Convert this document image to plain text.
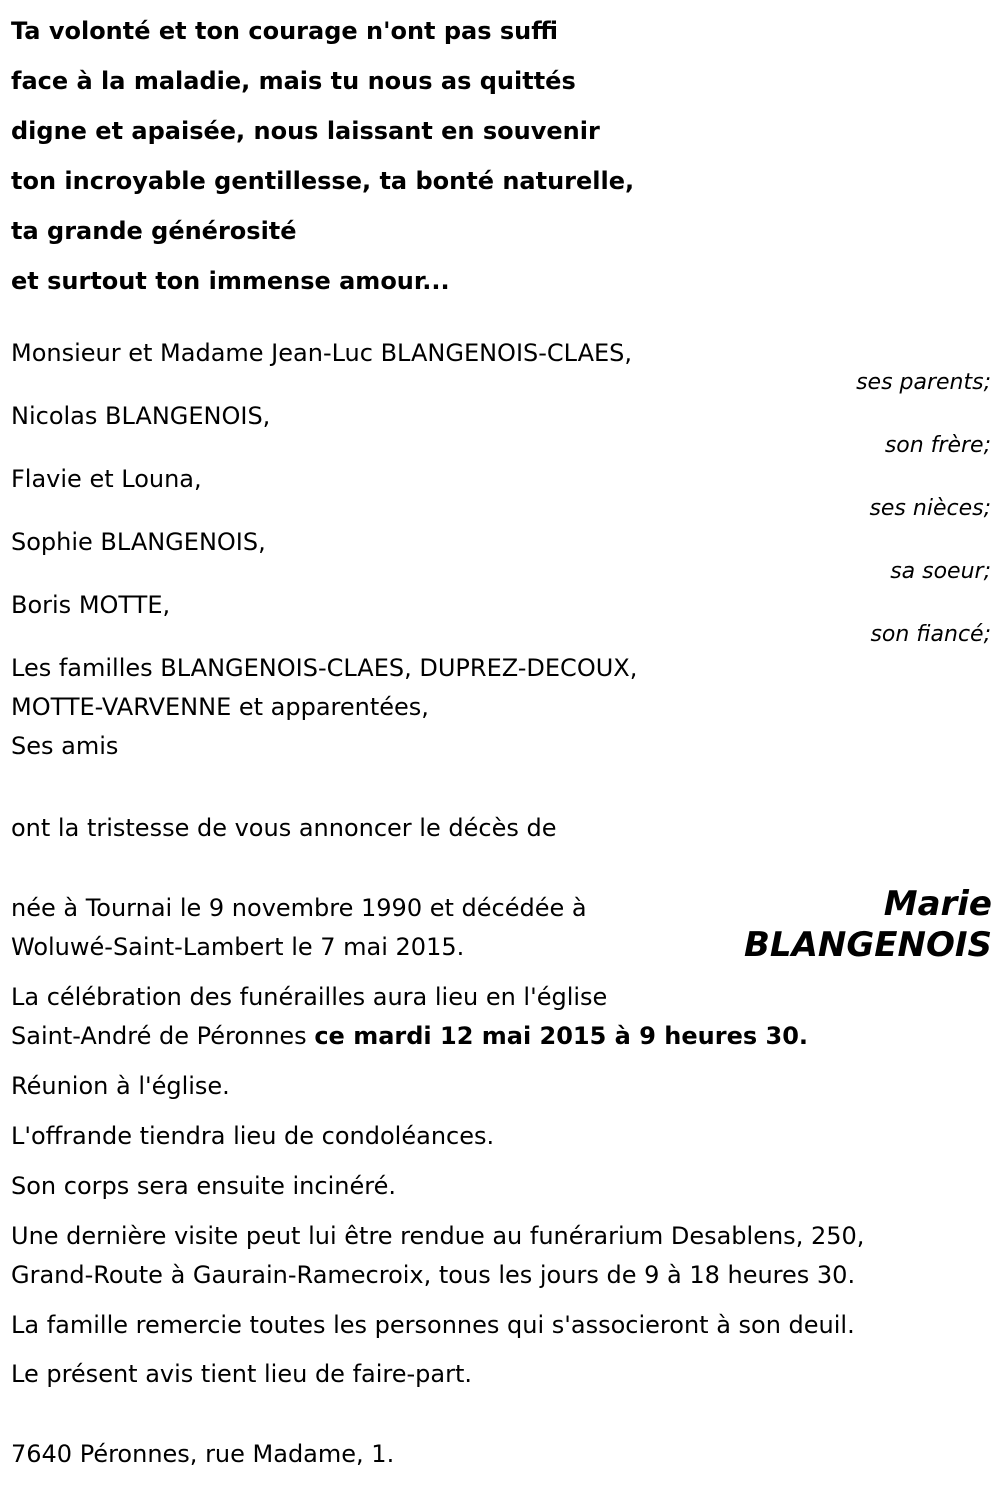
Ta volonté et ton courage n'ont pas suffi
face à la maladie, mais tu nous as quittés
digne et apaisée, nous laissant en souvenir
ton incroyable gentillesse, ta bonté naturelle,
ta grande générosité
et surtout ton immense amour...
Monsieur et Madame Jean-Luc BLANGENOIS-CLAES,
ses parents;
Nicolas BLANGENOIS,
son frère;
Flavie et Louna,
ses nièces;
Sophie BLANGENOIS,
sa soeur;
Boris MOTTE,
son fiancé;
Les familles BLANGENOIS-CLAES, DUPREZ-DECOUX,
MOTTE-VARVENNE et apparentées,
Ses amis
ont la tristesse de vous annoncer le décès de
Marie
BLANGENOIS
née à Tournai le 9 novembre 1990 et décédée à
Woluwé-Saint-Lambert le 7 mai 2015.
La célébration des funérailles aura lieu en l'église
Saint-André de Péronnes ce mardi 12 mai 2015 à 9 heures 30.
Réunion à l'église.
L'offrande tiendra lieu de condoléances.
Son corps sera ensuite incinéré.
Une dernière visite peut lui être rendue au funérarium Desablens, 250,
Grand-Route à Gaurain-Ramecroix, tous les jours de 9 à 18 heures 30.
La famille remercie toutes les personnes qui s'associeront à son deuil.
Le présent avis tient lieu de faire-part.
7640 Péronnes, rue Madame, 1.
